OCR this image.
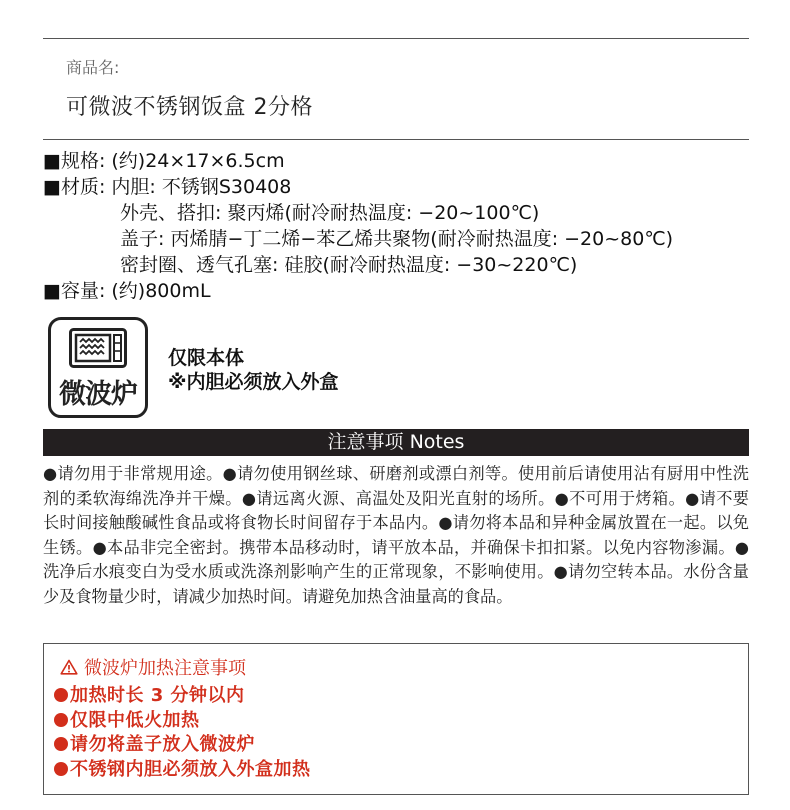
商品名:
可微波不锈钢饭盒 2分格
■规格: (约)24×17×6.5cm
■材质: 内胆: 不锈钢S30408
外壳、搭扣: 聚丙烯(耐冷耐热温度: −20~100℃)
盖子: 丙烯腈−丁二烯−苯乙烯共聚物(耐冷耐热温度: −20~80℃)
密封圈、透气孔塞: 硅胶(耐冷耐热温度: −30~220℃)
■容量: (约)800mL
微波炉
仅限本体
※内胆必须放入外盒
注意事项 Notes
●请勿用于非常规用途。●请勿使用钢丝球、研磨剂或漂白剂等。使用前后请使用沾有厨用中性洗剂的柔软海绵洗净并干燥。●请远离火源、高温处及阳光直射的场所。●不可用于烤箱。●请不要长时间接触酸碱性食品或将食物长时间留存于本品内。●请勿将本品和异种金属放置在一起。以免生锈。●本品非完全密封。携带本品移动时，请平放本品，并确保卡扣扣紧。以免内容物渗漏。●洗净后水痕变白为受水质或洗涤剂影响产生的正常现象，不影响使用。●请勿空转本品。水份含量少及食物量少时，请减少加热时间。请避免加热含油量高的食品。
微波炉加热注意事项
加热时长 3 分钟以内
仅限中低火加热
请勿将盖子放入微波炉
不锈钢内胆必须放入外盒加热
